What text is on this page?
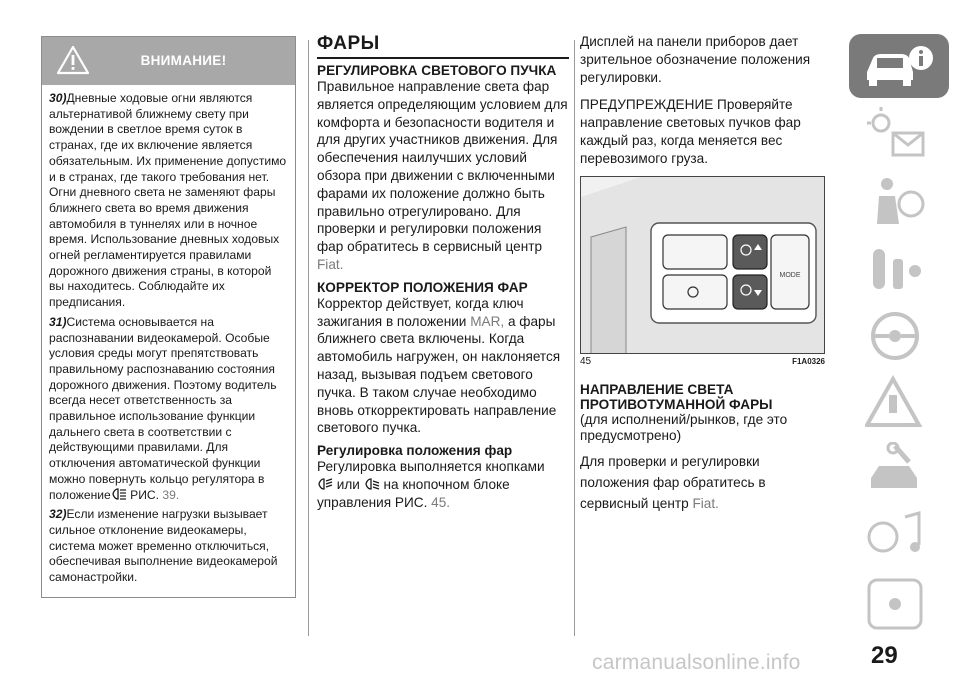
ВНИМАНИЕ!

30)Дневные ходовые огни являются альтернативой ближнему свету при вождении в светлое время суток в странах, где их включение является обязательным. Их применение допустимо и в странах, где такого требования нет. Огни дневного света не заменяют фары ближнего света во время движения автомобиля в туннелях или в ночное время. Использование дневных ходовых огней регламентируется правилами дорожного движения страны, в которой вы находитесь. Соблюдайте их предписания.

31)Система основывается на распознавании видеокамерой. Особые условия среды могут препятствовать правильному распознаванию состояния дорожного движения. Поэтому водитель всегда несет ответственность за правильное использование функции дальнего света в соответствии с действующими правилами. Для отключения автоматической функции можно повернуть кольцо регулятора в положение РИС. 39.

32)Если изменение нагрузки вызывает сильное отклонение видеокамеры, система может временно отключиться, обеспечивая выполнение видеокамерой самонастройки.

ФАРЫ
РЕГУЛИРОВКА СВЕТОВОГО ПУЧКА

Правильное направление света фар является определяющим условием для комфорта и безопасности водителя и для других участников движения. Для обеспечения наилучших условий обзора при движении с включенными фарами их положение должно быть правильно отрегулировано. Для проверки и регулировки положения фар обратитесь в сервисный центр Fiat.

КОРРЕКТОР ПОЛОЖЕНИЯ ФАР

Корректор действует, когда ключ зажигания в положении MAR, а фары ближнего света включены. Когда автомобиль нагружен, он наклоняется назад, вызывая подъем светового пучка. В таком случае необходимо вновь откорректировать направление светового пучка.

Регулировка положения фар

Регулировка выполняется кнопками
или на кнопочном блоке управления РИС. 45.

Дисплей на панели приборов дает зрительное обозначение положения регулировки.

ПРЕДУПРЕЖДЕНИЕ Проверяйте направление световых пучков фар каждый раз, когда меняется вес перевозимого груза.

MODE
45	F1A0326
НАПРАВЛЕНИЕ СВЕТА ПРОТИВОТУМАННОЙ ФАРЫ

(для исполнений/рынков, где это предусмотрено)

Для проверки и регулировки положения фар обратитесь в сервисный центр Fiat.

29
carmanualsonline.info
